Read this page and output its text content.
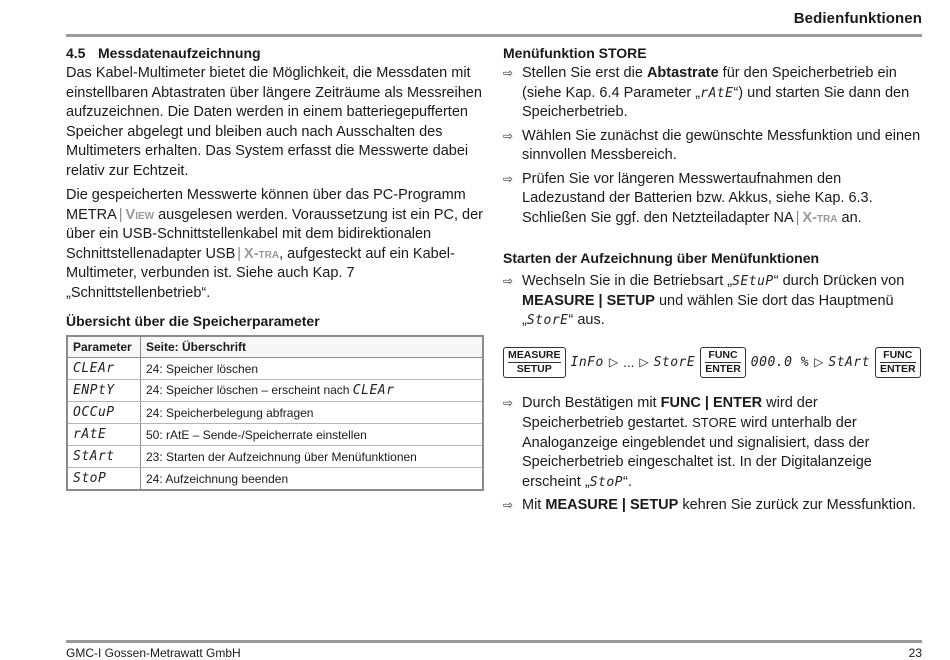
Bedienfunktionen
4.5 Messdatenaufzeichnung

Das Kabel-Multimeter bietet die Möglichkeit, die Messdaten mit einstellbaren Abtastraten über längere Zeiträume als Messreihen aufzuzeichnen. Die Daten werden in einem batteriegepufferten Speicher abgelegt und bleiben auch nach Ausschalten des Multimeters erhalten. Das System erfasst die Messwerte dabei relativ zur Echtzeit.

Die gespeicherten Messwerte können über das PC-Programm METRA | View ausgelesen werden. Voraussetzung ist ein PC, der über ein USB-Schnittstellenkabel mit dem bidirektionalen Schnittstellenadapter USB | X-tra, aufgesteckt auf ein Kabel-Multimeter, verbunden ist. Siehe auch Kap. 7 „Schnittstellenbetrieb“.

Übersicht über die Speicherparameter
Parameter	Seite: Überschrift
CLEAr	24: Speicher löschen
ENPtY	24: Speicher löschen – erscheint nach CLEAr
OCCuP	24: Speicherbelegung abfragen
rAtE	50: rAtE – Sende-/Speicherrate einstellen
StArt	23: Starten der Aufzeichnung über Menüfunktionen
StoP	24: Aufzeichnung beenden
Menüfunktion STORE
⇨ Stellen Sie erst die Abtastrate für den Speicherbetrieb ein (siehe Kap. 6.4 Parameter „rAtE“) und starten Sie dann den Speicherbetrieb.
⇨ Wählen Sie zunächst die gewünschte Messfunktion und einen sinnvollen Messbereich.
⇨ Prüfen Sie vor längeren Messwertaufnahmen den Ladezustand der Batterien bzw. Akkus, siehe Kap. 6.3. Schließen Sie ggf. den Netzteiladapter NA | X-tra an.
Starten der Aufzeichnung über Menüfunktionen
⇨ Wechseln Sie in die Betriebsart „SEtuP“ durch Drücken von MEASURE | SETUP und wählen Sie dort das Hauptmenü „StorE“ aus.
MEASURE
SETUP	InFo ▷ ... ▷ StorE	FUNC
ENTER 000.0 % ▷ StArt	FUNC
ENTER
⇨ Durch Bestätigen mit FUNC | ENTER wird der Speicherbetrieb gestartet. STORE wird unterhalb der Analoganzeige eingeblendet und signalisiert, dass der Speicherbetrieb eingeschaltet ist. In der Digitalanzeige erscheint „StoP“.
⇨ Mit MEASURE | SETUP kehren Sie zurück zur Messfunktion.
GMC-I Gossen-Metrawatt GmbH	23
